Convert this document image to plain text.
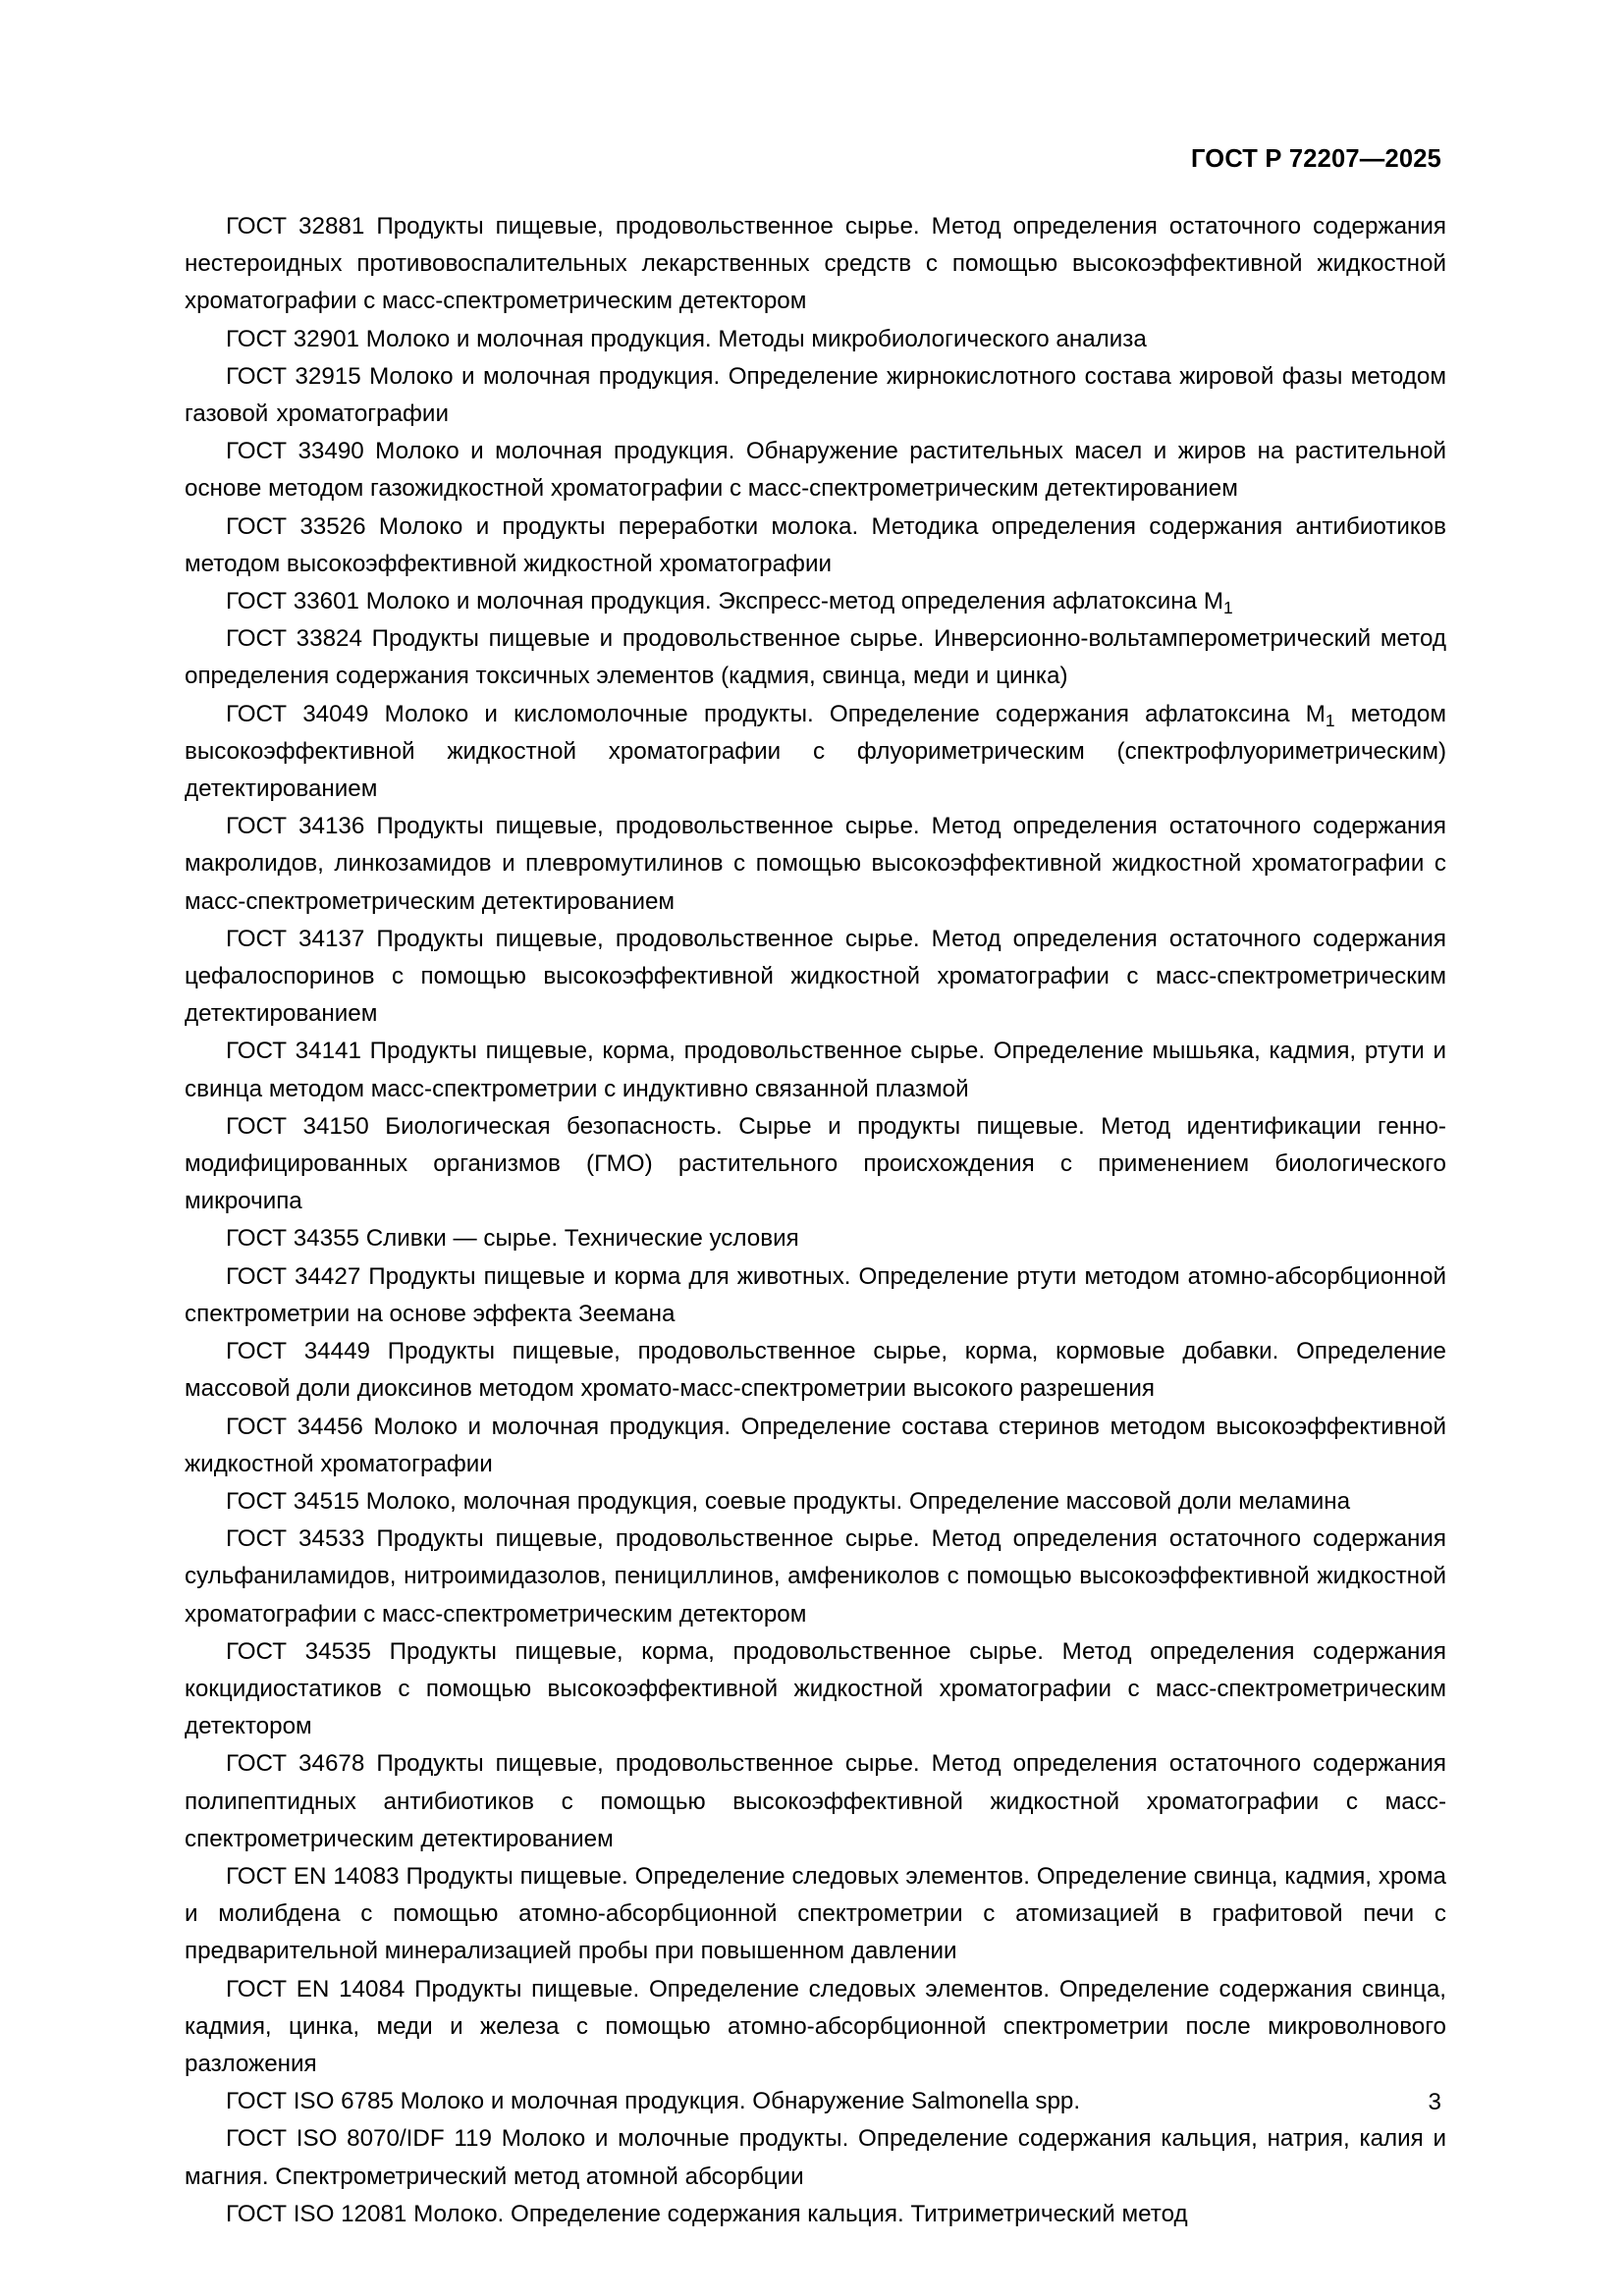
ГОСТ Р 72207—2025

ГОСТ 32881 Продукты пищевые, продовольственное сырье. Метод определения остаточного содержания нестероидных противовоспалительных лекарственных средств с помощью высокоэффективной жидкостной хроматографии с масс-спектрометрическим детектором

ГОСТ 32901 Молоко и молочная продукция. Методы микробиологического анализа

ГОСТ 32915 Молоко и молочная продукция. Определение жирнокислотного состава жировой фазы методом газовой хроматографии

ГОСТ 33490 Молоко и молочная продукция. Обнаружение растительных масел и жиров на растительной основе методом газожидкостной хроматографии с масс-спектрометрическим детектированием

ГОСТ 33526 Молоко и продукты переработки молока. Методика определения содержания антибиотиков методом высокоэффективной жидкостной хроматографии

ГОСТ 33601 Молоко и молочная продукция. Экспресс-метод определения афлатоксина $M_1$

ГОСТ 33824 Продукты пищевые и продовольственное сырье. Инверсионно-вольтамперометрический метод определения содержания токсичных элементов (кадмия, свинца, меди и цинка)

ГОСТ 34049 Молоко и кисломолочные продукты. Определение содержания афлатоксина $M_1$ методом высокоэффективной жидкостной хроматографии с флуориметрическим (спектрофлуориметрическим) детектированием

ГОСТ 34136 Продукты пищевые, продовольственное сырье. Метод определения остаточного содержания макролидов, линкозамидов и плевромутилинов с помощью высокоэффективной жидкостной хроматографии с масс-спектрометрическим детектированием

ГОСТ 34137 Продукты пищевые, продовольственное сырье. Метод определения остаточного содержания цефалоспоринов с помощью высокоэффективной жидкостной хроматографии с масс-спектрометрическим детектированием

ГОСТ 34141 Продукты пищевые, корма, продовольственное сырье. Определение мышьяка, кадмия, ртути и свинца методом масс-спектрометрии с индуктивно связанной плазмой

ГОСТ 34150 Биологическая безопасность. Сырье и продукты пищевые. Метод идентификации генно-модифицированных организмов (ГМО) растительного происхождения с применением биологического микрочипа

ГОСТ 34355 Сливки — сырье. Технические условия

ГОСТ 34427 Продукты пищевые и корма для животных. Определение ртути методом атомно-абсорбционной спектрометрии на основе эффекта Зеемана

ГОСТ 34449 Продукты пищевые, продовольственное сырье, корма, кормовые добавки. Определение массовой доли диоксинов методом хромато-масс-спектрометрии высокого разрешения

ГОСТ 34456 Молоко и молочная продукция. Определение состава стеринов методом высокоэффективной жидкостной хроматографии

ГОСТ 34515 Молоко, молочная продукция, соевые продукты. Определение массовой доли меламина

ГОСТ 34533 Продукты пищевые, продовольственное сырье. Метод определения остаточного содержания сульфаниламидов, нитроимидазолов, пенициллинов, амфениколов с помощью высокоэффективной жидкостной хроматографии с масс-спектрометрическим детектором

ГОСТ 34535 Продукты пищевые, корма, продовольственное сырье. Метод определения содержания кокцидиостатиков с помощью высокоэффективной жидкостной хроматографии с масс-спектрометрическим детектором

ГОСТ 34678 Продукты пищевые, продовольственное сырье. Метод определения остаточного содержания полипептидных антибиотиков с помощью высокоэффективной жидкостной хроматографии с масс-спектрометрическим детектированием

ГОСТ EN 14083 Продукты пищевые. Определение следовых элементов. Определение свинца, кадмия, хрома и молибдена с помощью атомно-абсорбционной спектрометрии с атомизацией в графитовой печи с предварительной минерализацией пробы при повышенном давлении

ГОСТ EN 14084 Продукты пищевые. Определение следовых элементов. Определение содержания свинца, кадмия, цинка, меди и железа с помощью атомно-абсорбционной спектрометрии после микроволнового разложения

ГОСТ ISO 6785 Молоко и молочная продукция. Обнаружение Salmonella spp.

ГОСТ ISO 8070/IDF 119 Молоко и молочные продукты. Определение содержания кальция, натрия, калия и магния. Спектрометрический метод атомной абсорбции

ГОСТ ISO 12081 Молоко. Определение содержания кальция. Титриметрический метод

3
